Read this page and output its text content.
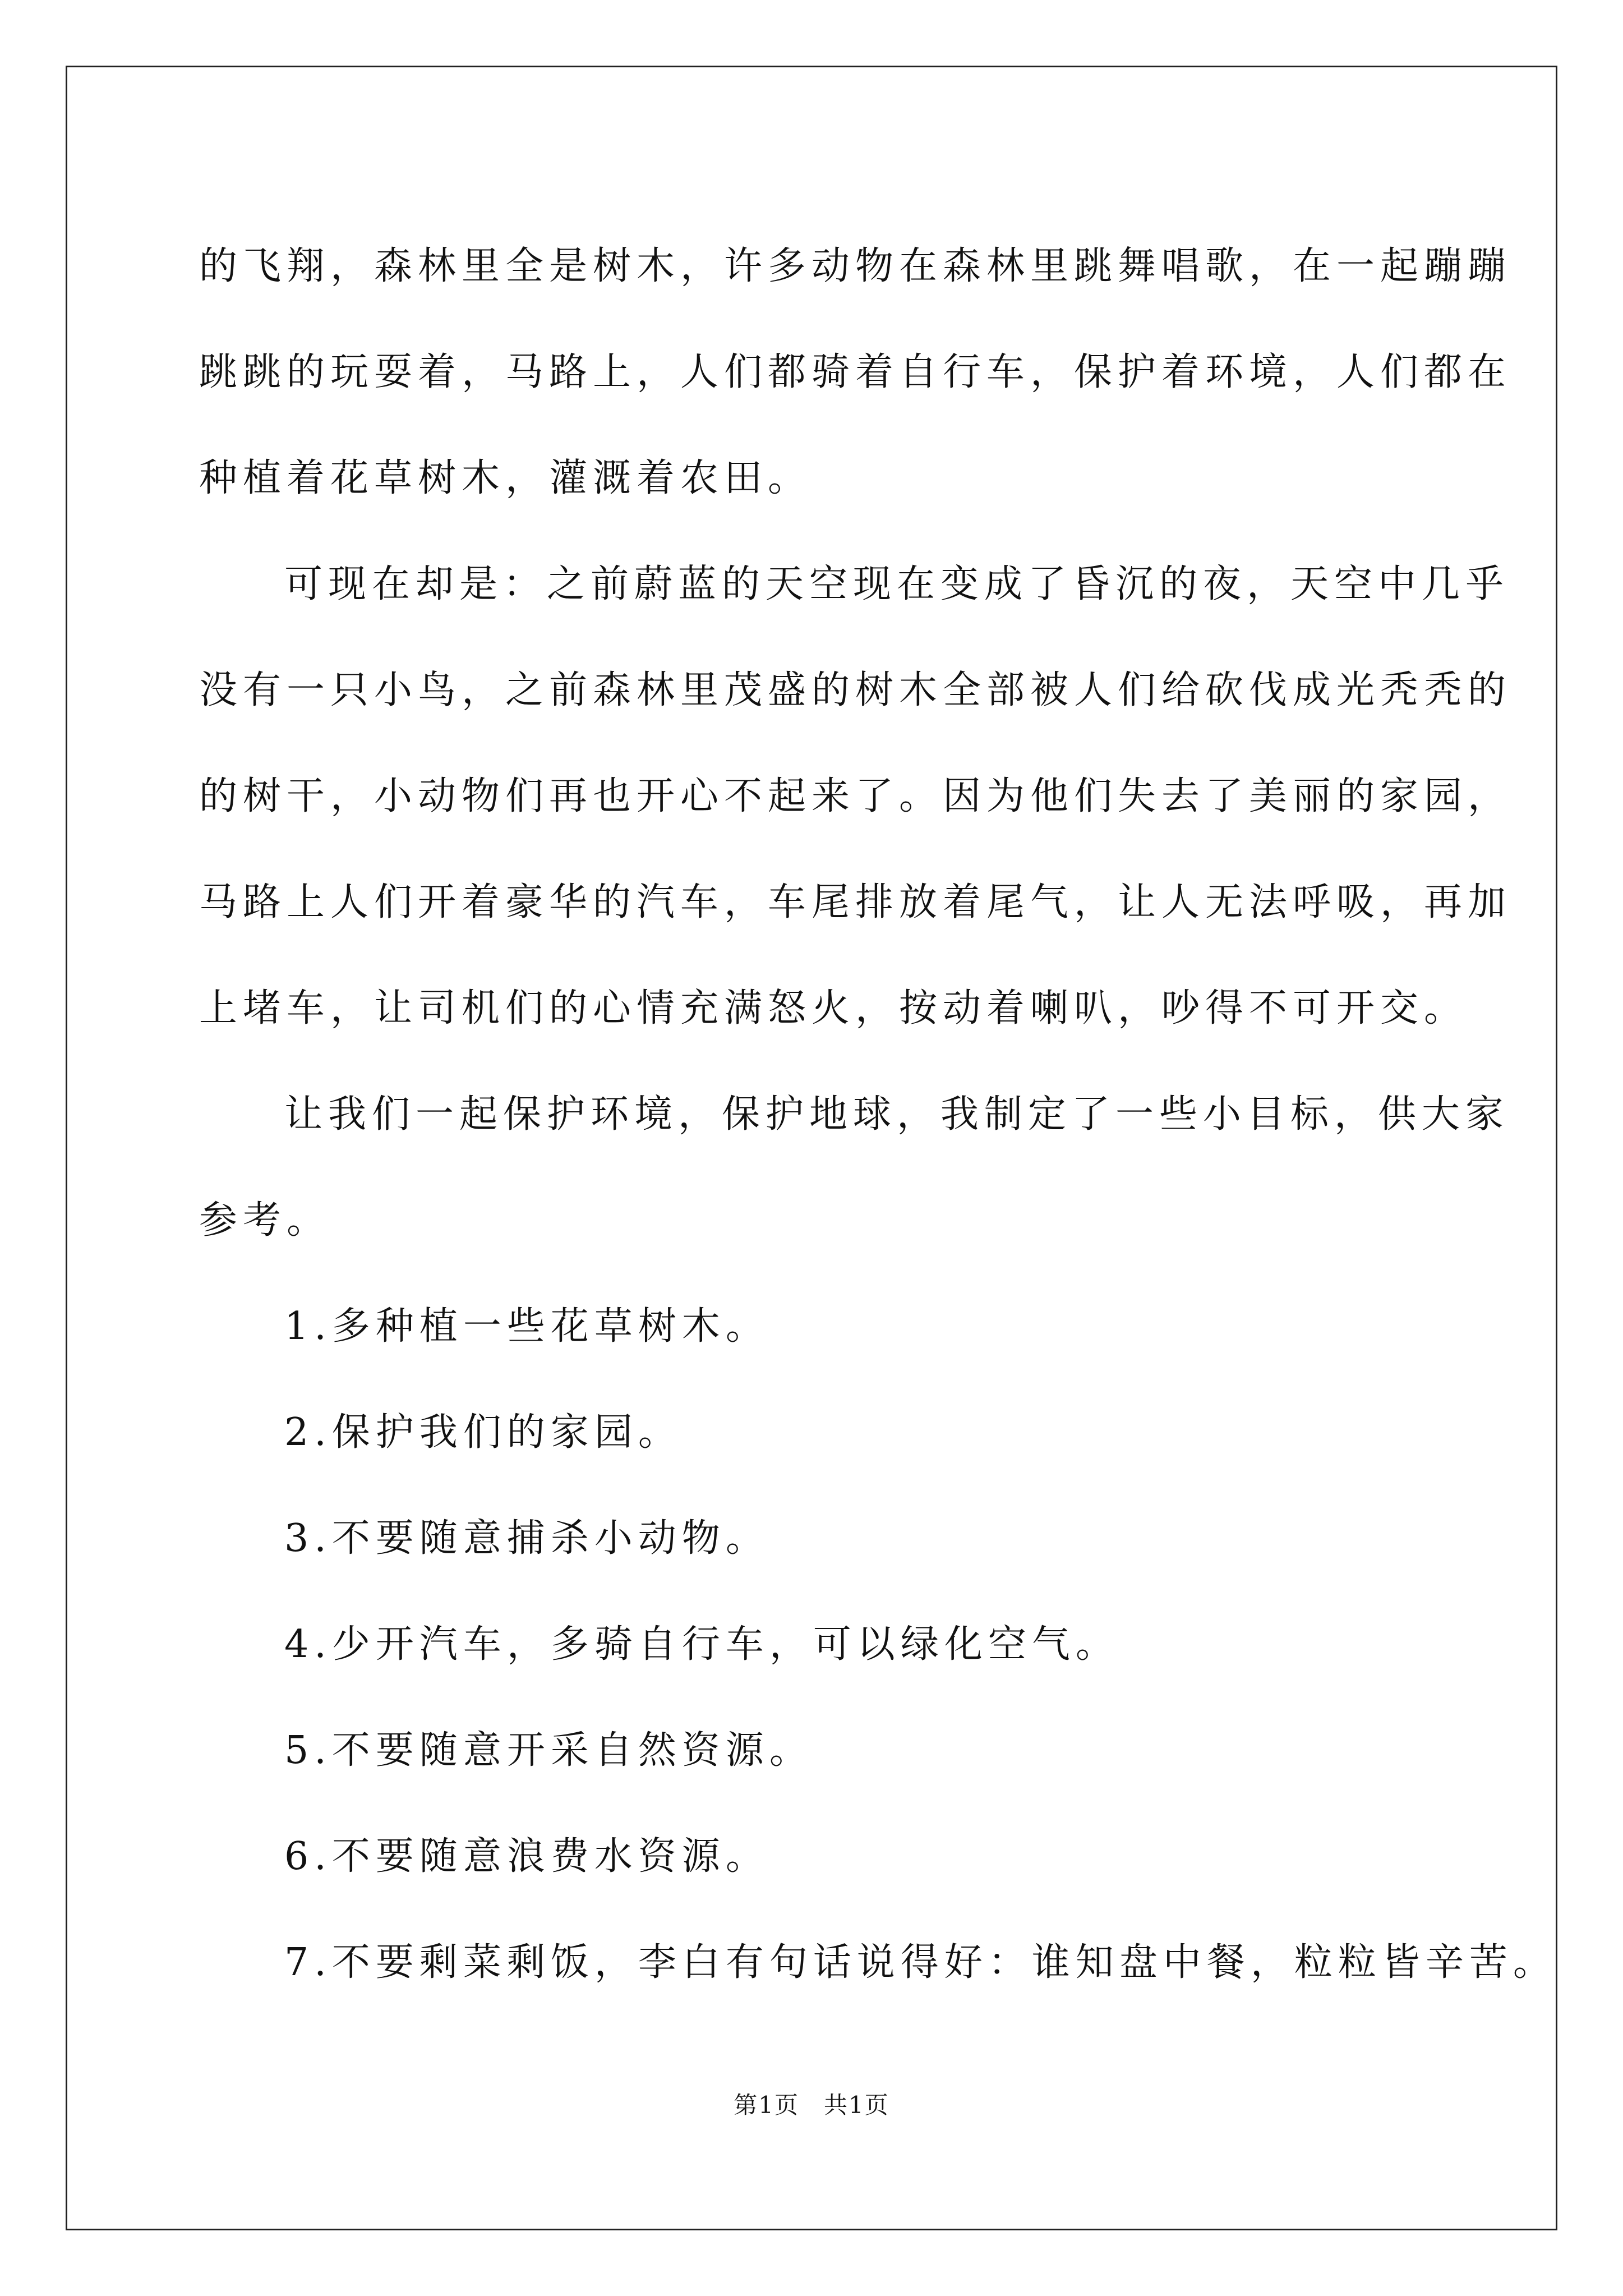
的飞翔，森林里全是树木，许多动物在森林里跳舞唱歌，在一起蹦蹦
跳跳的玩耍着，马路上，人们都骑着自行车，保护着环境，人们都在
种植着花草树木，灌溉着农田。
可现在却是：之前蔚蓝的天空现在变成了昏沉的夜，天空中几乎
没有一只小鸟，之前森林里茂盛的树木全部被人们给砍伐成光秃秃的
的树干，小动物们再也开心不起来了。因为他们失去了美丽的家园，
马路上人们开着豪华的汽车，车尾排放着尾气，让人无法呼吸，再加
上堵车，让司机们的心情充满怒火，按动着喇叭，吵得不可开交。
让我们一起保护环境，保护地球，我制定了一些小目标，供大家
参考。
1.多种植一些花草树木。
2.保护我们的家园。
3.不要随意捕杀小动物。
4.少开汽车，多骑自行车，可以绿化空气。
5.不要随意开采自然资源。
6.不要随意浪费水资源。
7.不要剩菜剩饭，李白有句话说得好：谁知盘中餐，粒粒皆辛苦。
第1页　共1页
